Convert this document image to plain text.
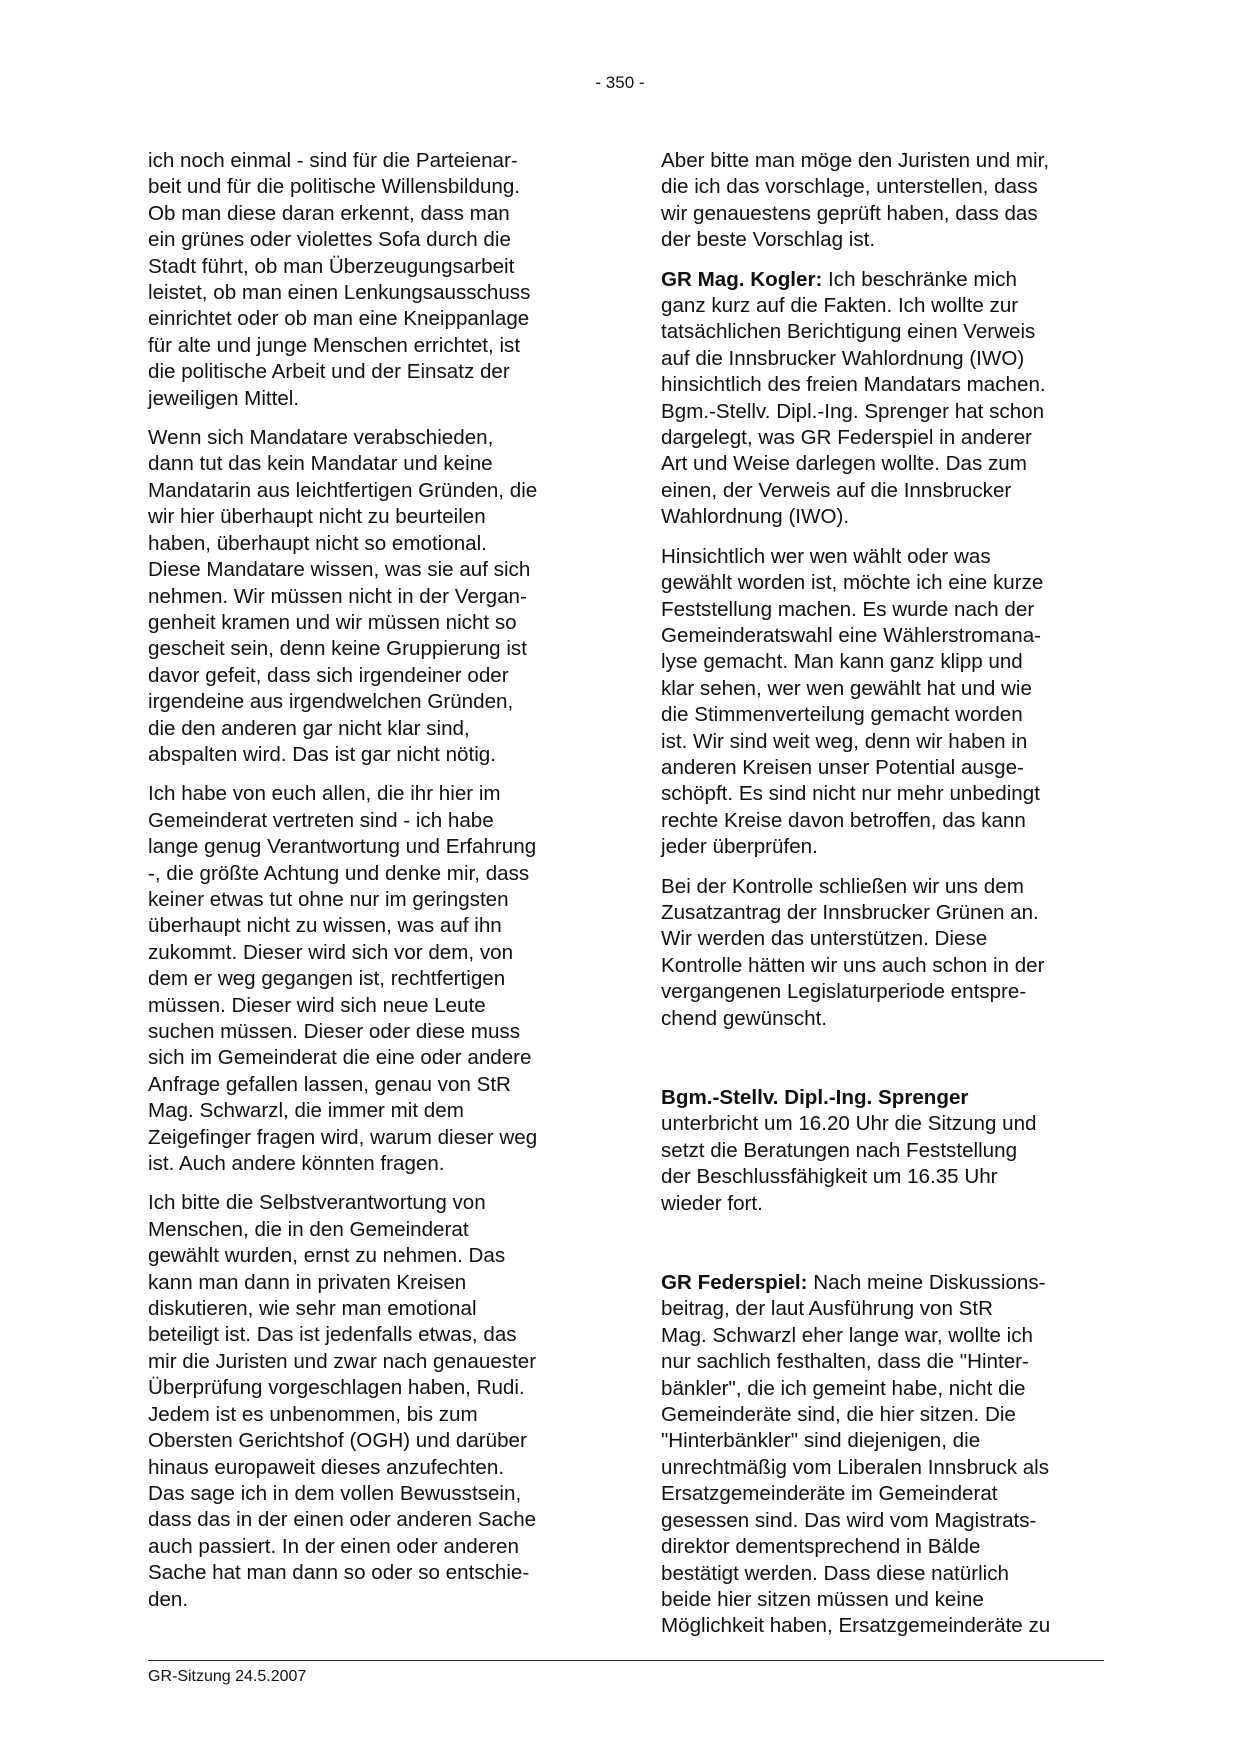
- 350 -
ich noch einmal - sind für die Parteienar-
beit und für die politische Willensbildung.
Ob man diese daran erkennt, dass man
ein grünes oder violettes Sofa durch die
Stadt führt, ob man Überzeugungsarbeit
leistet, ob man einen Lenkungsausschuss
einrichtet oder ob man eine Kneippanlage
für alte und junge Menschen errichtet, ist
die politische Arbeit und der Einsatz der
jeweiligen Mittel.
Wenn sich Mandatare verabschieden,
dann tut das kein Mandatar und keine
Mandatarin aus leichtfertigen Gründen, die
wir hier überhaupt nicht zu beurteilen
haben, überhaupt nicht so emotional.
Diese Mandatare wissen, was sie auf sich
nehmen. Wir müssen nicht in der Vergan-
genheit kramen und wir müssen nicht so
gescheit sein, denn keine Gruppierung ist
davor gefeit, dass sich irgendeiner oder
irgendeine aus irgendwelchen Gründen,
die den anderen gar nicht klar sind,
abspalten wird. Das ist gar nicht nötig.
Ich habe von euch allen, die ihr hier im
Gemeinderat vertreten sind - ich habe
lange genug Verantwortung und Erfahrung
-, die größte Achtung und denke mir, dass
keiner etwas tut ohne nur im geringsten
überhaupt nicht zu wissen, was auf ihn
zukommt. Dieser wird sich vor dem, von
dem er weg gegangen ist, rechtfertigen
müssen. Dieser wird sich neue Leute
suchen müssen. Dieser oder diese muss
sich im Gemeinderat die eine oder andere
Anfrage gefallen lassen, genau von StR
Mag. Schwarzl, die immer mit dem
Zeigefinger fragen wird, warum dieser weg
ist. Auch andere könnten fragen.
Ich bitte die Selbstverantwortung von
Menschen, die in den Gemeinderat
gewählt wurden, ernst zu nehmen. Das
kann man dann in privaten Kreisen
diskutieren, wie sehr man emotional
beteiligt ist. Das ist jedenfalls etwas, das
mir die Juristen und zwar nach genauester
Überprüfung vorgeschlagen haben, Rudi.
Jedem ist es unbenommen, bis zum
Obersten Gerichtshof (OGH) und darüber
hinaus europaweit dieses anzufechten.
Das sage ich in dem vollen Bewusstsein,
dass das in der einen oder anderen Sache
auch passiert. In der einen oder anderen
Sache hat man dann so oder so entschie-
den.
Aber bitte man möge den Juristen und mir,
die ich das vorschlage, unterstellen, dass
wir genauestens geprüft haben, dass das
der beste Vorschlag ist.
GR Mag. Kogler: Ich beschränke mich
ganz kurz auf die Fakten. Ich wollte zur
tatsächlichen Berichtigung einen Verweis
auf die Innsbrucker Wahlordnung (IWO)
hinsichtlich des freien Mandatars machen.
Bgm.-Stellv. Dipl.-Ing. Sprenger hat schon
dargelegt, was GR Federspiel in anderer
Art und Weise darlegen wollte. Das zum
einen, der Verweis auf die Innsbrucker
Wahlordnung (IWO).
Hinsichtlich wer wen wählt oder was
gewählt worden ist, möchte ich eine kurze
Feststellung machen. Es wurde nach der
Gemeinderatswahl eine Wählerstromana-
lyse gemacht. Man kann ganz klipp und
klar sehen, wer wen gewählt hat und wie
die Stimmenverteilung gemacht worden
ist. Wir sind weit weg, denn wir haben in
anderen Kreisen unser Potential ausge-
schöpft. Es sind nicht nur mehr unbedingt
rechte Kreise davon betroffen, das kann
jeder überprüfen.
Bei der Kontrolle schließen wir uns dem
Zusatzantrag der Innsbrucker Grünen an.
Wir werden das unterstützen. Diese
Kontrolle hätten wir uns auch schon in der
vergangenen Legislaturperiode entspre-
chend gewünscht.
Bgm.-Stellv. Dipl.-Ing. Sprenger
unterbricht um 16.20 Uhr die Sitzung und
setzt die Beratungen nach Feststellung
der Beschlussfähigkeit um 16.35 Uhr
wieder fort.
GR Federspiel: Nach meine Diskussions-
beitrag, der laut Ausführung von StR
Mag. Schwarzl eher lange war, wollte ich
nur sachlich festhalten, dass die "Hinter-
bänkler", die ich gemeint habe, nicht die
Gemeinderäte sind, die hier sitzen. Die
"Hinterbänkler" sind diejenigen, die
unrechtmäßig vom Liberalen Innsbruck als
Ersatzgemeinderäte im Gemeinderat
gesessen sind. Das wird vom Magistrats-
direktor dementsprechend in Bälde
bestätigt werden. Dass diese natürlich
beide hier sitzen müssen und keine
Möglichkeit haben, Ersatzgemeinderäte zu
GR-Sitzung 24.5.2007
